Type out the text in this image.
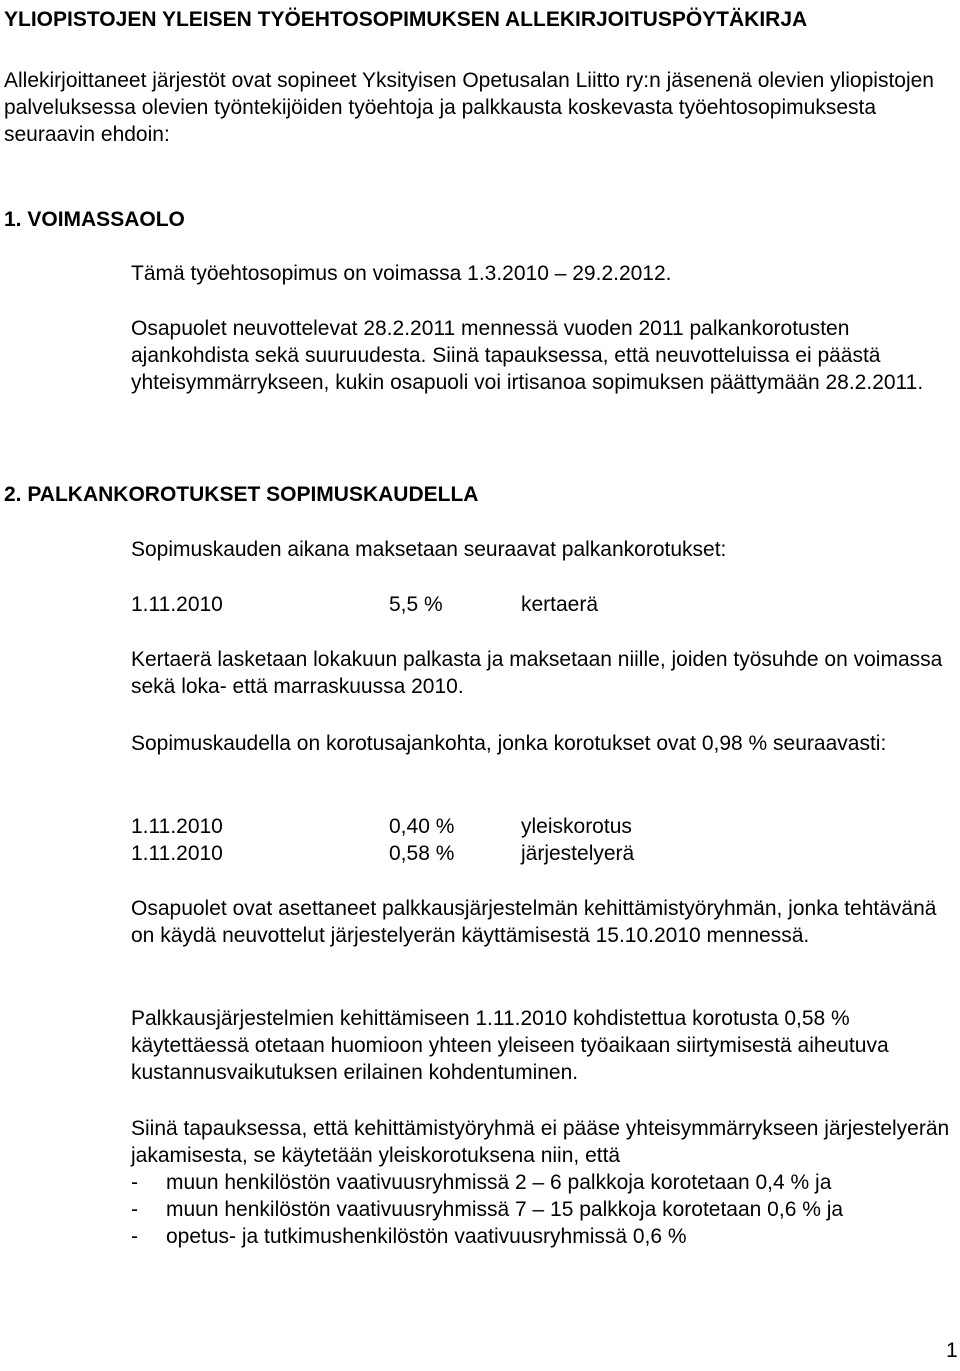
YLIOPISTOJEN YLEISEN TYÖEHTOSOPIMUKSEN ALLEKIRJOITUSPÖYTÄKIRJA

Allekirjoittaneet järjestöt ovat sopineet Yksityisen Opetusalan Liitto ry:n jäsenenä olevien yliopistojen palveluksessa olevien työntekijöiden työehtoja ja palkkausta koskevasta työehtosopimuksesta seuraavin ehdoin:

1. VOIMASSAOLO

Tämä työehtosopimus on voimassa 1.3.2010 – 29.2.2012.

Osapuolet neuvottelevat 28.2.2011 mennessä vuoden 2011 palkankorotusten ajankohdista sekä suuruudesta. Siinä tapauksessa, että neuvotteluissa ei päästä yhteisymmärrykseen, kukin osapuoli voi irtisanoa sopimuksen päättymään 28.2.2011.

2. PALKANKOROTUKSET SOPIMUSKAUDELLA

Sopimuskauden aikana maksetaan seuraavat palkankorotukset:

1.11.2010	5,5 %	kertaerä

Kertaerä lasketaan lokakuun palkasta ja maksetaan niille, joiden työsuhde on voimassa sekä loka- että marraskuussa 2010.

Sopimuskaudella on korotusajankohta, jonka korotukset ovat 0,98 % seuraavasti:

1.11.2010	0,40 %	yleiskorotus
1.11.2010	0,58 %	järjestelyerä

Osapuolet ovat asettaneet palkkausjärjestelmän kehittämistyöryhmän, jonka tehtävänä on käydä neuvottelut järjestelyerän käyttämisestä 15.10.2010 mennessä.

Palkkausjärjestelmien kehittämiseen 1.11.2010 kohdistettua korotusta 0,58 % käytettäessä otetaan huomioon yhteen yleiseen työaikaan siirtymisestä aiheutuva kustannusvaikutuksen erilainen kohdentuminen.

Siinä tapauksessa, että kehittämistyöryhmä ei pääse yhteisymmärrykseen järjestelyerän jakamisesta, se käytetään yleiskorotuksena niin, että

- muun henkilöstön vaativuusryhmissä 2 – 6 palkkoja korotetaan 0,4 % ja
- muun henkilöstön vaativuusryhmissä 7 – 15 palkkoja korotetaan 0,6 % ja
- opetus- ja tutkimushenkilöstön vaativuusryhmissä 0,6 %
1
